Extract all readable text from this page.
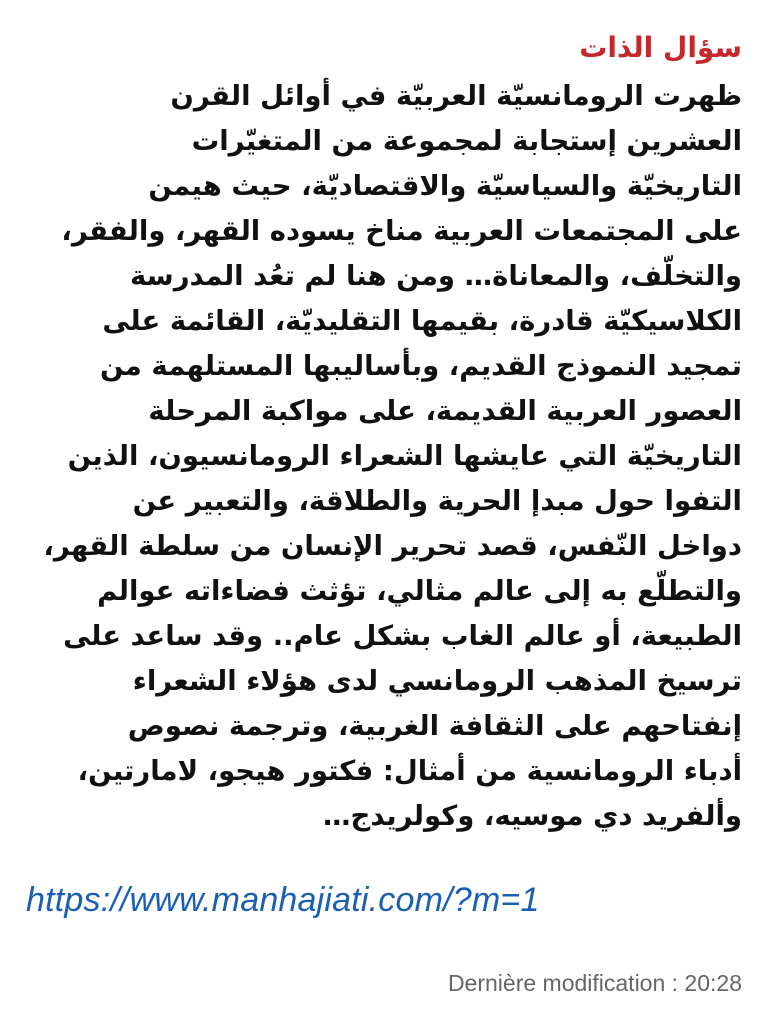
سؤال الذات
ظهرت الرومانسيّة العربيّة في أوائل القرن
العشرين إستجابة لمجموعة من المتغيّرات
التاريخيّة والسياسيّة والاقتصاديّة، حيث هيمن
على المجتمعات العربية مناخ يسوده القهر، والفقر،
والتخلّف، والمعاناة… ومن هنا لم تعُد المدرسة
الكلاسيكيّة قادرة، بقيمها التقليديّة، القائمة على
تمجيد النموذج القديم، وبأساليبها المستلهمة من
العصور العربية القديمة، على مواكبة المرحلة
التاريخيّة التي عايشها الشعراء الرومانسيون، الذين
التفوا حول مبدإ الحرية والطلاقة، والتعبير عن
دواخل النّفس، قصد تحرير الإنسان من سلطة القهر،
والتطلّع به إلى عالم مثالي، تؤثث فضاءاته عوالم
الطبيعة، أو عالم الغاب بشكل عام.. وقد ساعد على
ترسيخ المذهب الرومانسي لدى هؤلاء الشعراء
إنفتاحهم على الثقافة الغربية، وترجمة نصوص
أدباء الرومانسية من أمثال: فكتور هيجو، لامارتين،
وألفريد دي موسيه، وكولريدج…
https://www.manhajiati.com/?m=1
Dernière modification : 20:28
